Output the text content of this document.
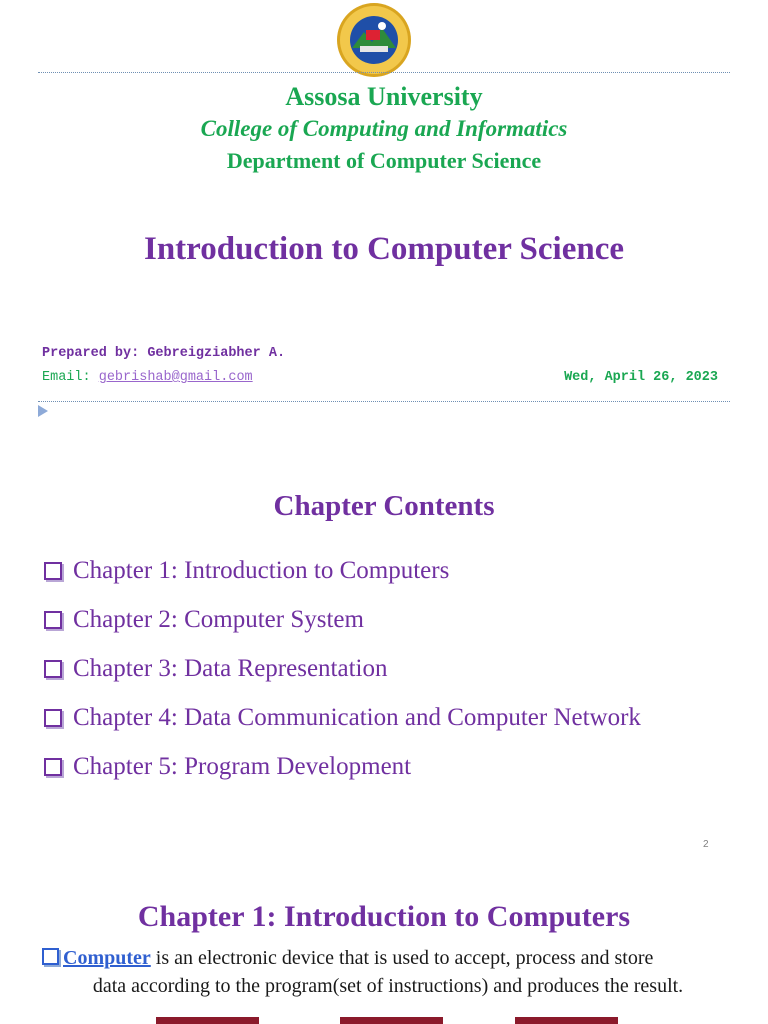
Assosa University
College of Computing and Informatics
Department of Computer Science
Introduction to Computer Science
Prepared by: Gebreigziabher A.
Email: gebrishab@gmail.com	Wed, April 26, 2023
Chapter Contents
Chapter 1: Introduction to Computers
Chapter 2: Computer System
Chapter 3: Data Representation
Chapter 4: Data Communication and Computer Network
Chapter 5: Program Development
2
Chapter 1: Introduction to Computers
Computer is an electronic device that is used to accept, process and store
data according to the program(set of instructions) and produces the result.
